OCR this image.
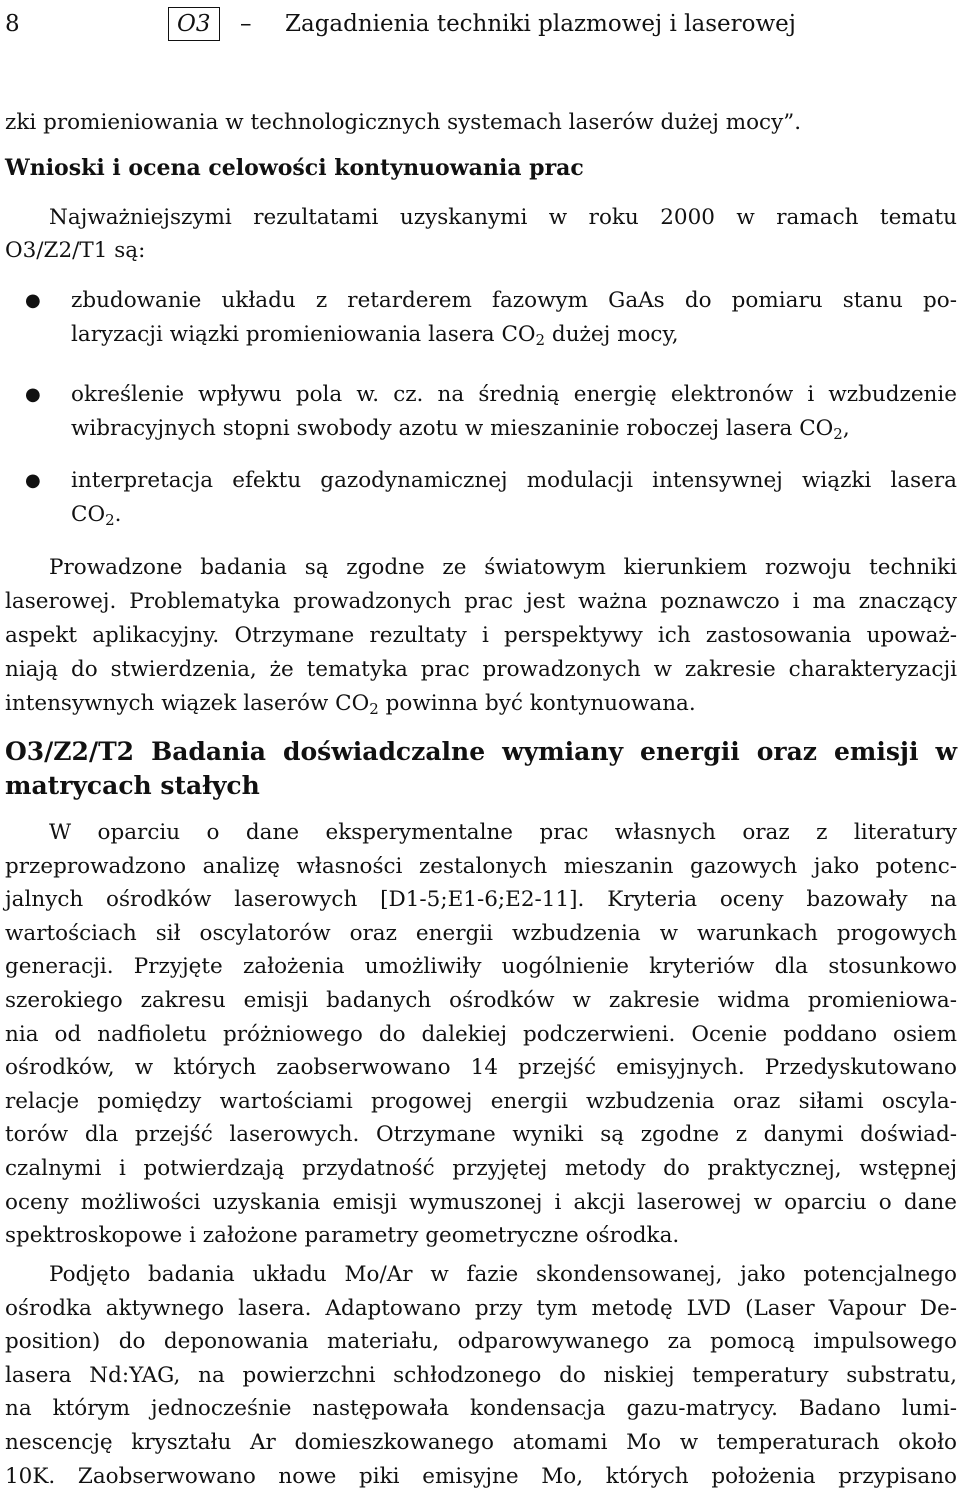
8	O3	– Zagadnienia techniki plazmowej i laserowej
zki promieniowania w technologicznych systemach laserów dużej mocy”.
Wnioski i ocena celowości kontynuowania prac
Najważniejszymi rezultatami uzyskanymi w roku 2000 w ramach tematu
O3/Z2/T1 są:
● zbudowanie układu z retarderem fazowym GaAs do pomiaru stanu po-
laryzacji wiązki promieniowania lasera $CO_2$ dużej mocy,
● określenie wpływu pola w. cz. na średnią energię elektronów i wzbudzenie
wibracyjnych stopni swobody azotu w mieszaninie roboczej lasera $CO_2$,
● interpretacja efektu gazodynamicznej modulacji intensywnej wiązki lasera
$CO_2$.
Prowadzone badania są zgodne ze światowym kierunkiem rozwoju techniki
laserowej. Problematyka prowadzonych prac jest ważna poznawczo i ma znaczący
aspekt aplikacyjny. Otrzymane rezultaty i perspektywy ich zastosowania upoważ-
niają do stwierdzenia, że tematyka prac prowadzonych w zakresie charakteryzacji
intensywnych wiązek laserów $CO_2$ powinna być kontynuowana.
O3/Z2/T2 Badania doświadczalne wymiany energii oraz emisji w
matrycach stałych
W oparciu o dane eksperymentalne prac własnych oraz z literatury
przeprowadzono analizę własności zestalonych mieszanin gazowych jako potenc-
jalnych ośrodków laserowych [D1-5;E1-6;E2-11]. Kryteria oceny bazowały na
wartościach sił oscylatorów oraz energii wzbudzenia w warunkach progowych
generacji. Przyjęte założenia umożliwiły uogólnienie kryteriów dla stosunkowo
szerokiego zakresu emisji badanych ośrodków w zakresie widma promieniowa-
nia od nadfioletu próżniowego do dalekiej podczerwieni. Ocenie poddano osiem
ośrodków, w których zaobserwowano 14 przejść emisyjnych. Przedyskutowano
relacje pomiędzy wartościami progowej energii wzbudzenia oraz siłami oscyla-
torów dla przejść laserowych. Otrzymane wyniki są zgodne z danymi doświad-
czalnymi i potwierdzają przydatność przyjętej metody do praktycznej, wstępnej
oceny możliwości uzyskania emisji wymuszonej i akcji laserowej w oparciu o dane
spektroskopowe i założone parametry geometryczne ośrodka.
Podjęto badania układu Mo/Ar w fazie skondensowanej, jako potencjalnego
ośrodka aktywnego lasera. Adaptowano przy tym metodę LVD (Laser Vapour De-
position) do deponowania materiału, odparowywanego za pomocą impulsowego
lasera Nd:YAG, na powierzchni schłodzonego do niskiej temperatury substratu,
na którym jednocześnie następowała kondensacja gazu-matrycy. Badano lumi-
nescencję kryształu Ar domieszkowanego atomami Mo w temperaturach około
10K. Zaobserwowano nowe piki emisyjne Mo, których położenia przypisano
